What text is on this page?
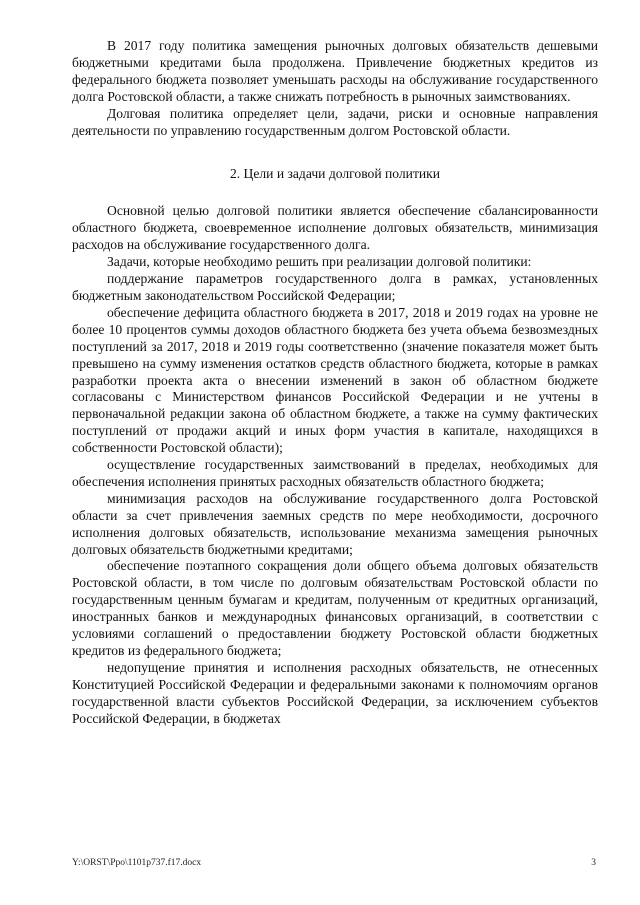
В 2017 году политика замещения рыночных долговых обязательств дешевыми бюджетными кредитами была продолжена. Привлечение бюджетных кредитов из федерального бюджета позволяет уменьшать расходы на обслуживание государственного долга Ростовской области, а также снижать потребность в рыночных заимствованиях.

Долговая политика определяет цели, задачи, риски и основные направления деятельности по управлению государственным долгом Ростовской области.

2. Цели и задачи долговой политики

Основной целью долговой политики является обеспечение сбалансированности областного бюджета, своевременное исполнение долговых обязательств, минимизация расходов на обслуживание государственного долга.

Задачи, которые необходимо решить при реализации долговой политики:

поддержание параметров государственного долга в рамках, установленных бюджетным законодательством Российской Федерации;

обеспечение дефицита областного бюджета в 2017, 2018 и 2019 годах на уровне не более 10 процентов суммы доходов областного бюджета без учета объема безвозмездных поступлений за 2017, 2018 и 2019 годы соответственно (значение показателя может быть превышено на сумму изменения остатков средств областного бюджета, которые в рамках разработки проекта акта о внесении изменений в закон об областном бюджете согласованы с Министерством финансов Российской Федерации и не учтены в первоначальной редакции закона об областном бюджете, а также на сумму фактических поступлений от продажи акций и иных форм участия в капитале, находящихся в собственности Ростовской области);

осуществление государственных заимствований в пределах, необходимых для обеспечения исполнения принятых расходных обязательств областного бюджета;

минимизация расходов на обслуживание государственного долга Ростовской области за счет привлечения заемных средств по мере необходимости, досрочного исполнения долговых обязательств, использование механизма замещения рыночных долговых обязательств бюджетными кредитами;

обеспечение поэтапного сокращения доли общего объема долговых обязательств Ростовской области, в том числе по долговым обязательствам Ростовской области по государственным ценным бумагам и кредитам, полученным от кредитных организаций, иностранных банков и международных финансовых организаций, в соответствии с условиями соглашений о предоставлении бюджету Ростовской области бюджетных кредитов из федерального бюджета;

недопущение принятия и исполнения расходных обязательств, не отнесенных Конституцией Российской Федерации и федеральными законами к полномочиям органов государственной власти субъектов Российской Федерации, за исключением субъектов Российской Федерации, в бюджетах

Y:\ORST\Ppo\1101p737.f17.docx	3
